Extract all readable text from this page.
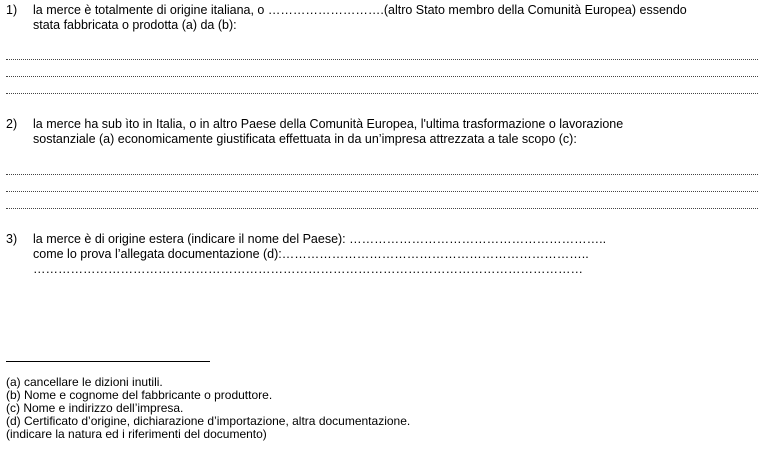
1) la merce è totalmente di origine italiana, o ……………………….(altro Stato membro della Comunità Europea) essendo
stata fabbricata o prodotta (a) da (b):
2) la merce ha sub ìto in Italia, o in altro Paese della Comunità Europea, l'ultima trasformazione o lavorazione
sostanziale (a) economicamente giustificata effettuata in da un’impresa attrezzata a tale scopo (c):
3) la merce è di origine estera (indicare il nome del Paese): ……………………………………………………..
come lo prova l’allegata documentazione (d):………………………………………………………………..
……………………………………………………………………………………………………………………
(a) cancellare le dizioni inutili.
(b) Nome e cognome del fabbricante o produttore.
(c) Nome e indirizzo dell’impresa.
(d) Certificato d’origine, dichiarazione d’importazione, altra documentazione.
(indicare la natura ed i riferimenti del documento)
